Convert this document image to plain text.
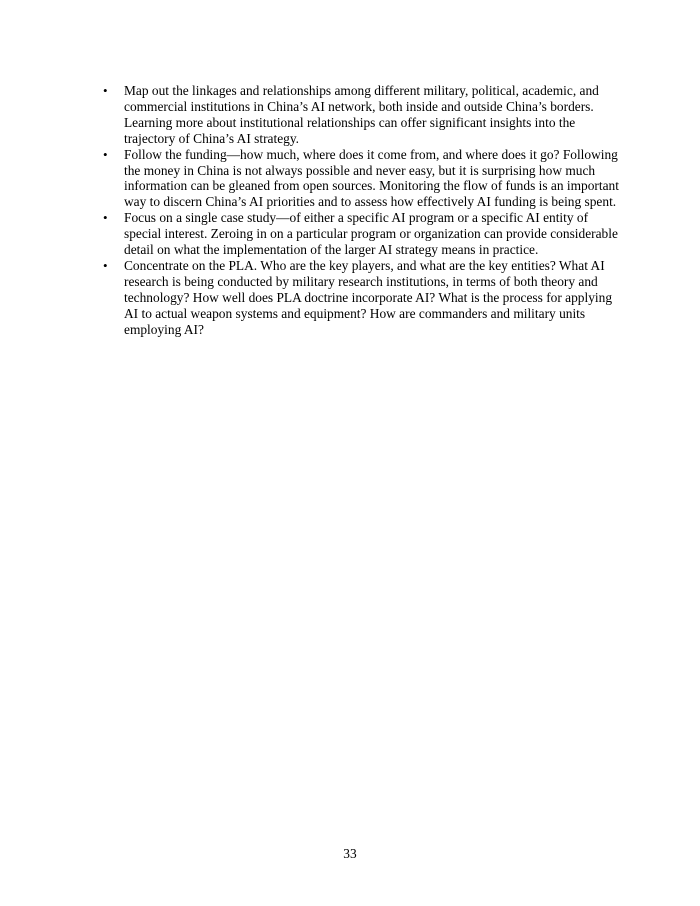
• Map out the linkages and relationships among different military, political, academic, and commercial institutions in China’s AI network, both inside and outside China’s borders. Learning more about institutional relationships can offer significant insights into the trajectory of China’s AI strategy.
• Follow the funding—how much, where does it come from, and where does it go? Following the money in China is not always possible and never easy, but it is surprising how much information can be gleaned from open sources. Monitoring the flow of funds is an important way to discern China’s AI priorities and to assess how effectively AI funding is being spent.
• Focus on a single case study—of either a specific AI program or a specific AI entity of special interest. Zeroing in on a particular program or organization can provide considerable detail on what the implementation of the larger AI strategy means in practice.
• Concentrate on the PLA. Who are the key players, and what are the key entities? What AI research is being conducted by military research institutions, in terms of both theory and technology? How well does PLA doctrine incorporate AI? What is the process for applying AI to actual weapon systems and equipment? How are commanders and military units employing AI?
33
